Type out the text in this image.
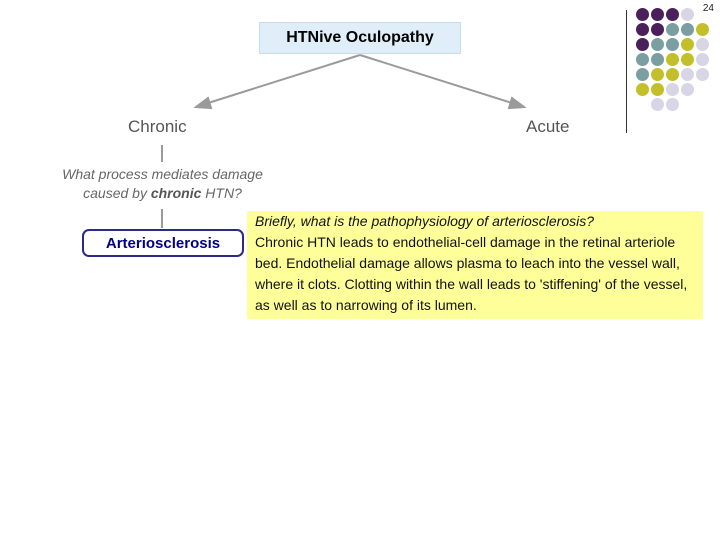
24
HTNive Oculopathy
Chronic	Acute
What process mediates damage
caused by chronic HTN?
Arteriosclerosis
Briefly, what is the pathophysiology of arteriosclerosis?
Chronic HTN leads to endothelial-cell damage in the retinal arteriole bed. Endothelial damage allows plasma to leach into the vessel wall, where it clots. Clotting within the wall leads to 'stiffening' of the vessel, as well as to narrowing of its lumen.
